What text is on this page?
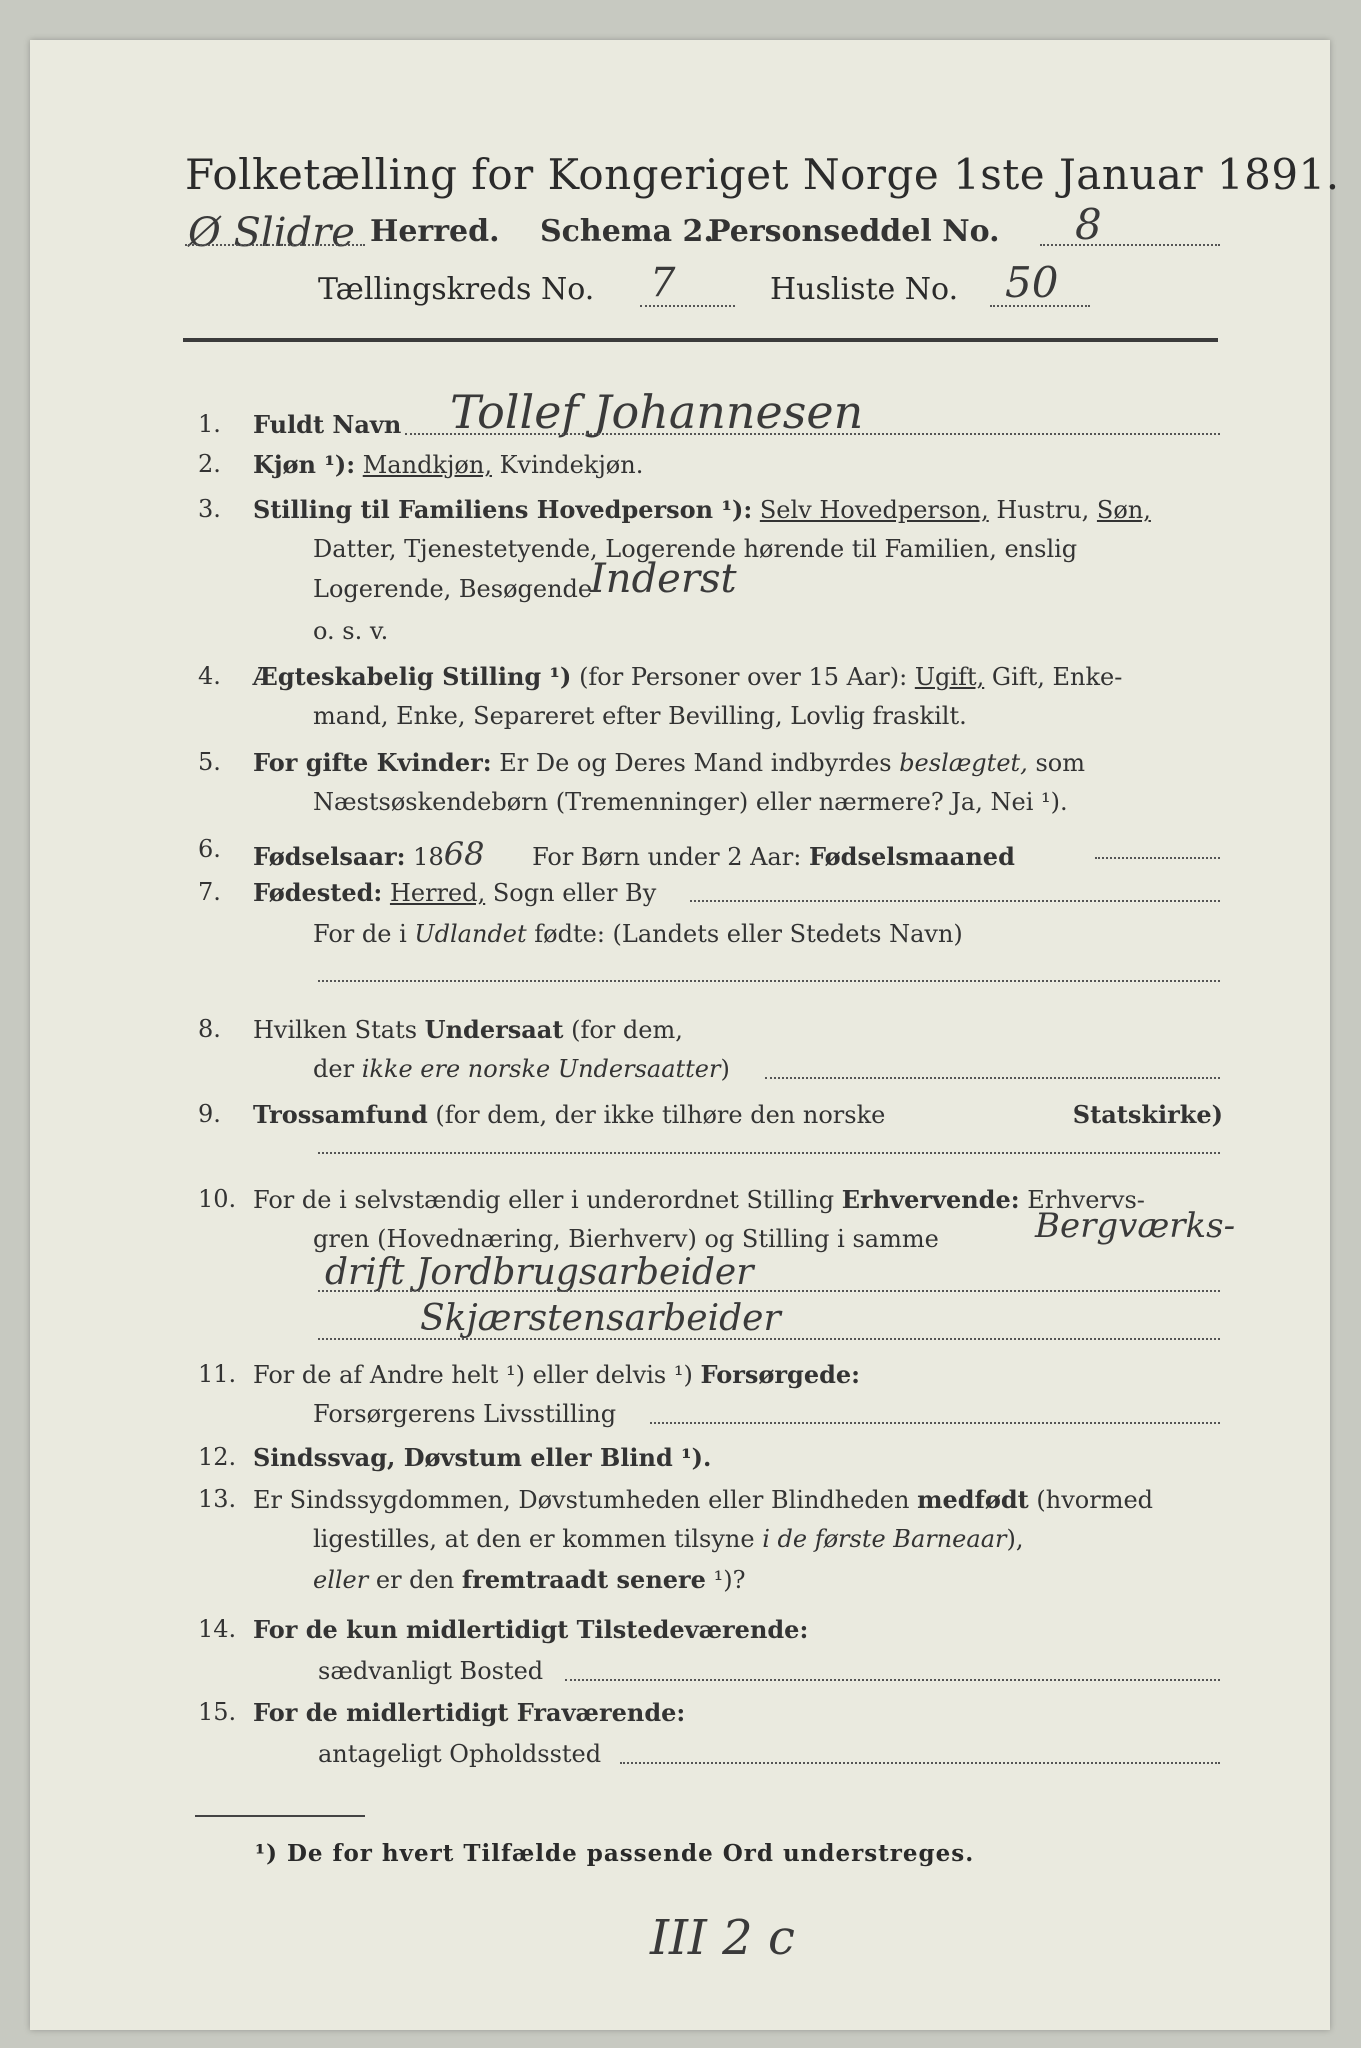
Folketælling for Kongeriget Norge 1ste Januar 1891.
Ø Slidre Herred. Schema 2.
Personseddel No. 8
Tællingskreds No. 7	Husliste No. 50
1.	Fuldt Navn Tollef Johannesen
2.	Kjøn ¹): Mandkjøn, Kvindekjøn.
3.	Stilling til Familiens Hovedperson ¹): Selv Hovedperson, Hustru, Søn,
Datter, Tjenestetyende, Logerende hørende til Familien, enslig
Logerende, Besøgende
Inderst
o. s. v.
4.	Ægteskabelig Stilling ¹) (for Personer over 15 Aar): Ugift, Gift, Enke-
mand, Enke, Separeret efter Bevilling, Lovlig fraskilt.
5.	For gifte Kvinder: Er De og Deres Mand indbyrdes beslægtet, som
Næstsøskendebørn (Tremenninger) eller nærmere? Ja, Nei ¹).
6.	Fødselsaar: 1868 For Børn under 2 Aar: Fødselsmaaned
7.	Fødested: Herred, Sogn eller By
For de i Udlandet fødte: (Landets eller Stedets Navn)
8.	Hvilken Stats Undersaat (for dem,
der ikke ere norske Undersaatter)
9.	Trossamfund (for dem, der ikke tilhøre den norske	Statskirke)
10. For de i selvstændig eller i underordnet Stilling Erhvervende: Erhvervs-
gren (Hovednæring, Bierhverv) og Stilling i samme	Bergværks-
drift Jordbrugsarbeider
Skjærstensarbeider
11. For de af Andre helt ¹) eller delvis ¹) Forsørgede:
Forsørgerens Livsstilling
12. Sindssvag, Døvstum eller Blind ¹).
13. Er Sindssygdommen, Døvstumheden eller Blindheden medfødt (hvormed
ligestilles, at den er kommen tilsyne i de første Barneaar),
eller er den fremtraadt senere ¹)?
14. For de kun midlertidigt Tilstedeværende:
sædvanligt Bosted
15. For de midlertidigt Fraværende:
antageligt Opholdssted
¹) De for hvert Tilfælde passende Ord understreges.
III 2 c
